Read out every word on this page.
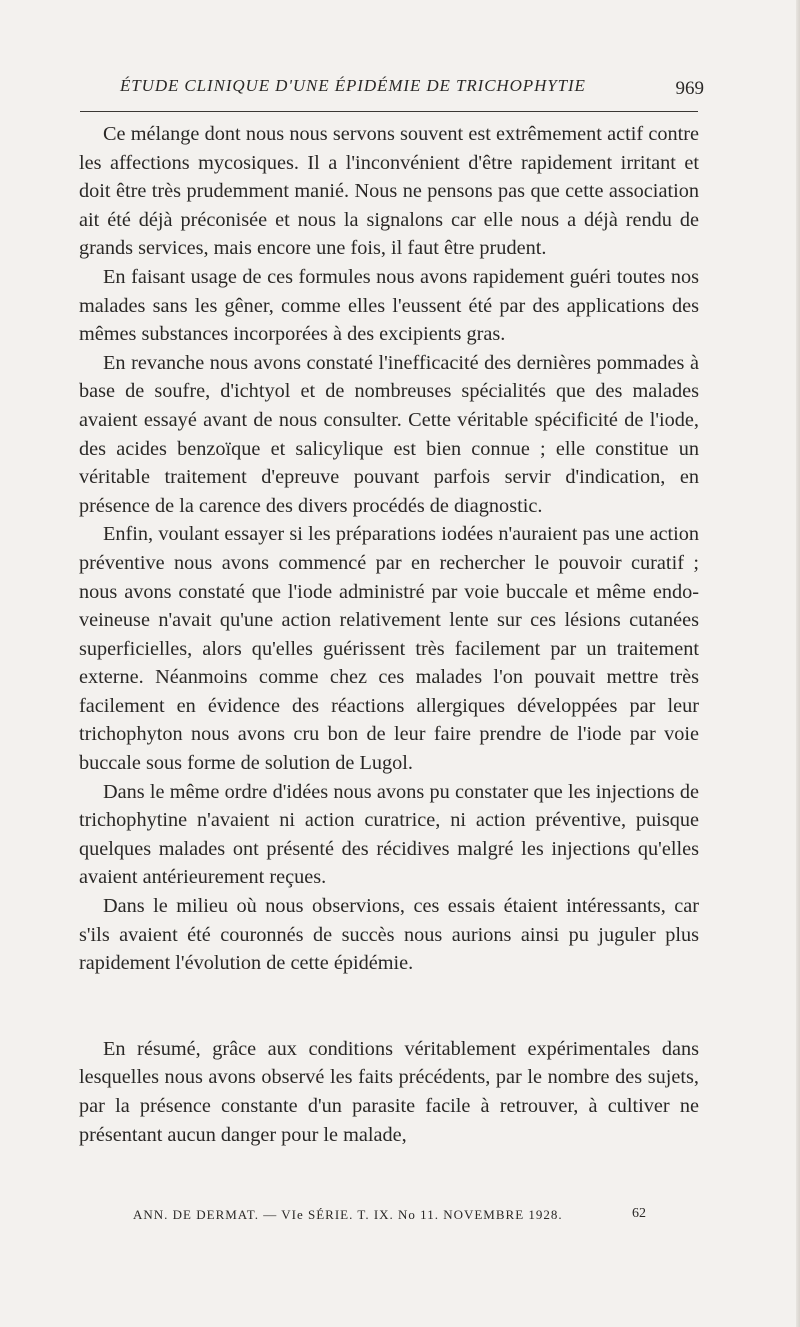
ÉTUDE CLINIQUE D'UNE ÉPIDÉMIE DE TRICHOPHYTIE	969

Ce mélange dont nous nous servons souvent est extrêmement actif contre les affections mycosiques. Il a l'inconvénient d'être rapidement irritant et doit être très prudemment manié. Nous ne pensons pas que cette association ait été déjà préconisée et nous la signalons car elle nous a déjà rendu de grands services, mais encore une fois, il faut être prudent.

En faisant usage de ces formules nous avons rapidement guéri toutes nos malades sans les gêner, comme elles l'eussent été par des applications des mêmes substances incorporées à des excipients gras.

En revanche nous avons constaté l'inefficacité des dernières pommades à base de soufre, d'ichtyol et de nombreuses spécialités que des malades avaient essayé avant de nous consulter. Cette véritable spécificité de l'iode, des acides benzoïque et salicylique est bien connue ; elle constitue un véritable traitement d'epreuve pouvant parfois servir d'indication, en présence de la carence des divers procédés de diagnostic.

Enfin, voulant essayer si les préparations iodées n'auraient pas une action préventive nous avons commencé par en rechercher le pouvoir curatif ; nous avons constaté que l'iode administré par voie buccale et même endo-veineuse n'avait qu'une action relativement lente sur ces lésions cutanées superficielles, alors qu'elles guérissent très facilement par un traitement externe. Néanmoins comme chez ces malades l'on pouvait mettre très facilement en évidence des réactions allergiques développées par leur trichophyton nous avons cru bon de leur faire prendre de l'iode par voie buccale sous forme de solution de Lugol.

Dans le même ordre d'idées nous avons pu constater que les injections de trichophytine n'avaient ni action curatrice, ni action préventive, puisque quelques malades ont présenté des récidives malgré les injections qu'elles avaient antérieurement reçues.

Dans le milieu où nous observions, ces essais étaient intéressants, car s'ils avaient été couronnés de succès nous aurions ainsi pu juguler plus rapidement l'évolution de cette épidémie.

En résumé, grâce aux conditions véritablement expérimentales dans lesquelles nous avons observé les faits précédents, par le nombre des sujets, par la présence constante d'un parasite facile à retrouver, à cultiver ne présentant aucun danger pour le malade,

ANN. DE DERMAT. — VIe SÉRIE. T. IX. No 11. NOVEMBRE 1928.	62
